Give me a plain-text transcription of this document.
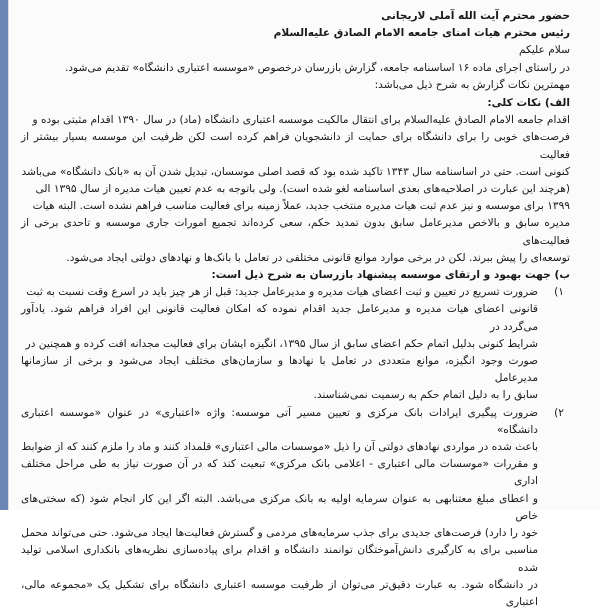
حضور محترم آیت الله آملی لاریجانی
رئیس محترم هیات امنای جامعه الامام الصادق علیه‌السلام
سلام علیکم
در راستای اجرای ماده ۱۶ اساسنامه جامعه، گزارش بازرسان درخصوص «موسسه اعتباری دانشگاه» تقدیم می‌شود.
مهمترین نکات گزارش به شرح ذیل می‌باشد:
الف) نکات کلی:
اقدام جامعه الامام الصادق علیه‌السلام برای انتقال مالکیت موسسه اعتباری دانشگاه (ماد) در سال ۱۳۹۰ اقدام مثبتی بوده و
فرصت‌های خوبی را برای دانشگاه برای حمایت از دانشجویان فراهم کرده است لکن ظرفیت این موسسه بسیار بیشتر از فعالیت
کنونی است. حتی در اساسنامه سال ۱۳۴۳ تاکید شده بود که قصد اصلی موسسان، تبدیل شدن آن به «بانک دانشگاه» می‌باشد
(هرچند این عبارت در اصلاحیه‌های بعدی اساسنامه لغو شده است). ولی باتوجه به عدم تعیین هیات مدیره از سال ۱۳۹۵ الی
۱۳۹۹ برای موسسه و نیز عدم ثبت هیات مدیره منتخب جدید، عملاً زمینه برای فعالیت مناسب فراهم نشده است. البته هیات
مدیره سابق و بالاخص مدیرعامل سابق بدون تمدید حکم، سعی کرده‌اند تجمیع امورات جاری موسسه و تاحدی برخی از فعالیت‌های
توسعه‌ای را پیش ببرند. لکن در برخی موارد موانع قانونی مختلفی در تعامل با بانک‌ها و نهادهای دولتی ایجاد می‌شود.
ب) جهت بهبود و ارتقای موسسه پیشنهاد بازرسان به شرح ذیل است:
۱)
ضرورت تسریع در تعیین و ثبت اعضای هیات مدیره و مدیرعامل جدید: قبل از هر چیز باید در اسرع وقت نسبت به ثبت
قانونی اعضای هیات مدیره و مدیرعامل جدید اقدام نموده که امکان فعالیت قانونی این افراد فراهم شود. یادآور می‌گردد در
شرایط کنونی بدلیل اتمام حکم اعضای سابق از سال ۱۳۹۵، انگیزه ایشان برای فعالیت مجدانه افت کرده و همچنین در
صورت وجود انگیزه، موانع متعددی در تعامل با نهادها و سازمان‌های مختلف ایجاد می‌شود و برخی از سازمانها مدیرعامل
سابق را به دلیل اتمام حکم به رسمیت نمی‌شناسند.
۲)
ضرورت پیگیری ایرادات بانک مرکزی و تعیین مسیر آتی موسسه: واژه «اعتباری» در عنوان «موسسه اعتباری دانشگاه»
باعث شده در مواردی نهادهای دولتی آن را ذیل «موسسات مالی اعتباری» قلمداد کنند و ماد را ملزم کنند که از ضوابط
و مقررات «موسسات مالی اعتباری - اعلامی بانک مرکزی» تبعیت کند که در آن صورت نیاز به طی مراحل مختلف اداری
و اعطای مبلغ معتنابهی به عنوان سرمایه اولیه به بانک مرکزی می‌باشد. البته اگر این کار انجام شود (که سختی‌های خاص
خود را دارد) فرصت‌های جدیدی برای جذب سرمایه‌های مردمی و گسترش فعالیت‌ها ایجاد می‌شود. حتی می‌تواند محمل
مناسبی برای به کارگیری دانش‌آموختگان توانمند دانشگاه و اقدام برای پیاده‌سازی نظریه‌های بانکداری اسلامی تولید شده
در دانشگاه شود. به عبارت دقیق‌تر می‌توان از ظرفیت موسسه اعتباری دانشگاه برای تشکیل یک «مجموعه مالی، اعتباری
